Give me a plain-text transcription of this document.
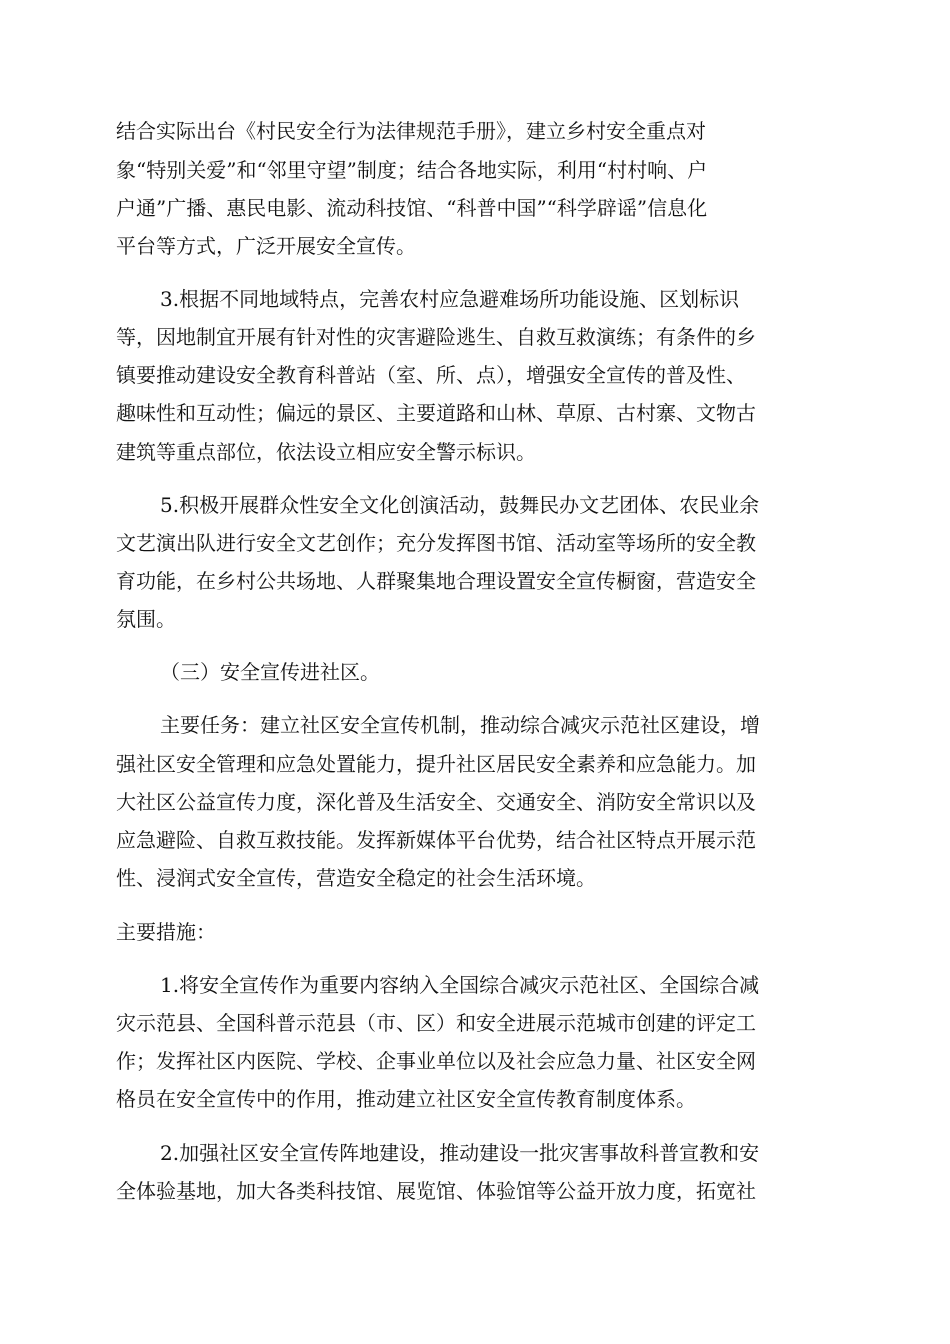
结合实际出台《村民安全行为法律规范手册》，建立乡村安全重点对

象“特别关爱”和“邻里守望”制度；结合各地实际，利用“村村响、户

户通”广播、惠民电影、流动科技馆、“科普中国”“科学辟谣”信息化

平台等方式，广泛开展安全宣传。

3.根据不同地域特点，完善农村应急避难场所功能设施、区划标识

等，因地制宜开展有针对性的灾害避险逃生、自救互救演练；有条件的乡

镇要推动建设安全教育科普站（室、所、点），增强安全宣传的普及性、

趣味性和互动性；偏远的景区、主要道路和山林、草原、古村寨、文物古

建筑等重点部位，依法设立相应安全警示标识。

5.积极开展群众性安全文化创演活动，鼓舞民办文艺团体、农民业余

文艺演出队进行安全文艺创作；充分发挥图书馆、活动室等场所的安全教

育功能，在乡村公共场地、人群聚集地合理设置安全宣传橱窗，营造安全

氛围。

（三）安全宣传进社区。

主要任务：建立社区安全宣传机制，推动综合减灾示范社区建设，增

强社区安全管理和应急处置能力，提升社区居民安全素养和应急能力。加

大社区公益宣传力度，深化普及生活安全、交通安全、消防安全常识以及

应急避险、自救互救技能。发挥新媒体平台优势，结合社区特点开展示范

性、浸润式安全宣传，营造安全稳定的社会生活环境。

主要措施：

1.将安全宣传作为重要内容纳入全国综合减灾示范社区、全国综合减

灾示范县、全国科普示范县（市、区）和安全进展示范城市创建的评定工

作；发挥社区内医院、学校、企事业单位以及社会应急力量、社区安全网

格员在安全宣传中的作用，推动建立社区安全宣传教育制度体系。

2.加强社区安全宣传阵地建设，推动建设一批灾害事故科普宣教和安

全体验基地，加大各类科技馆、展览馆、体验馆等公益开放力度，拓宽社
